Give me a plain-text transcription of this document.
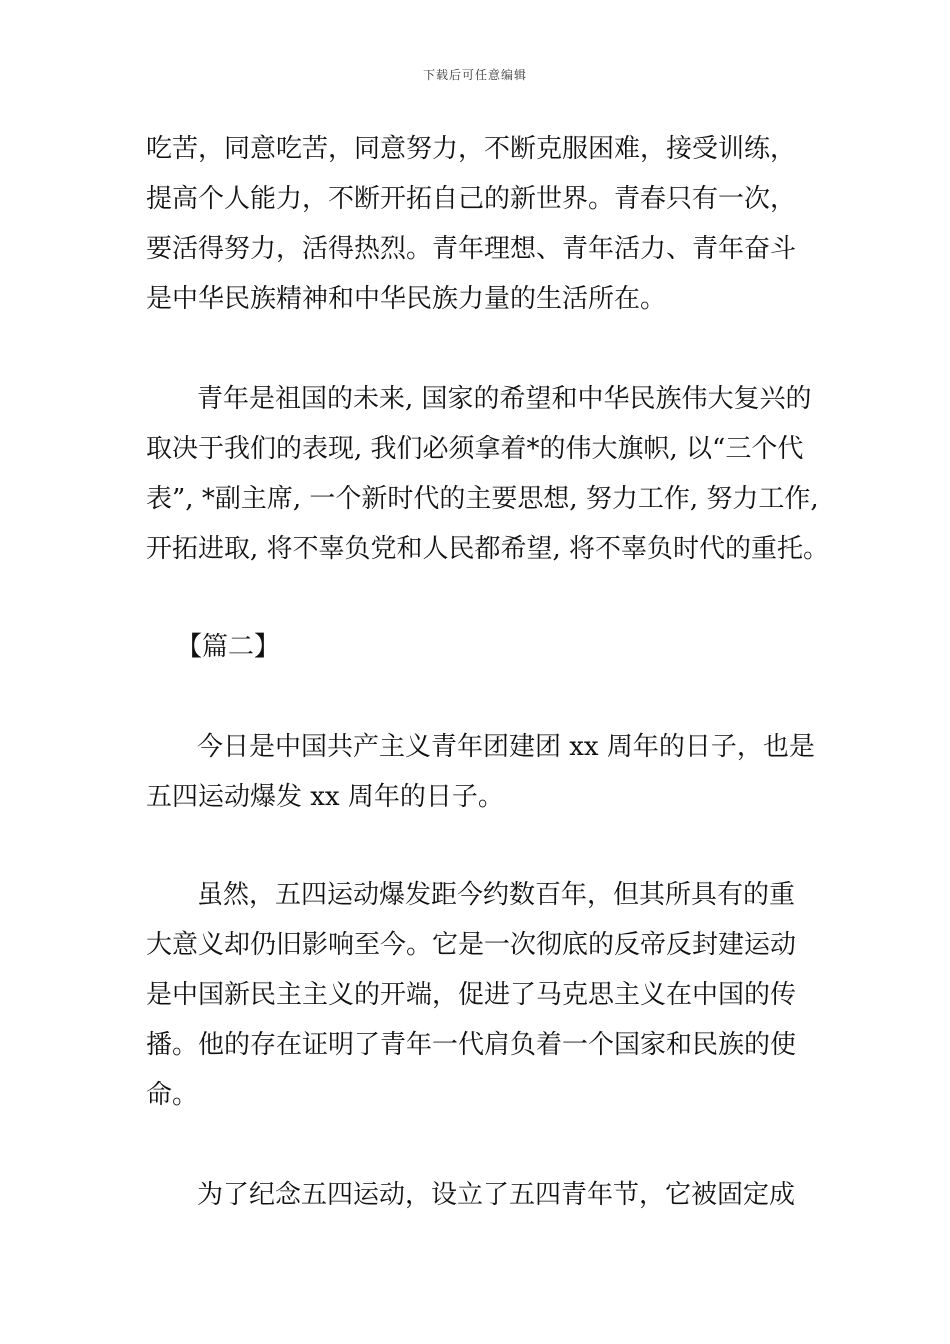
下载后可任意编辑
吃苦，同意吃苦，同意努力，不断克服困难，接受训练，
提高个人能力，不断开拓自己的新世界。青春只有一次，
要活得努力，活得热烈。青年理想、青年活力、青年奋斗
是中华民族精神和中华民族力量的生活所在。
青年是祖国的未来, 国家的希望和中华民族伟大复兴的
取决于我们的表现, 我们必须拿着*的伟大旗帜, 以“三个代
表”, *副主席, 一个新时代的主要思想, 努力工作, 努力工作,
开拓进取, 将不辜负党和人民都希望, 将不辜负时代的重托。
【篇二】
今日是中国共产主义青年团建团 xx 周年的日子，也是
五四运动爆发 xx 周年的日子。
虽然，五四运动爆发距今约数百年，但其所具有的重
大意义却仍旧影响至今。它是一次彻底的反帝反封建运动
是中国新民主主义的开端，促进了马克思主义在中国的传
播。他的存在证明了青年一代肩负着一个国家和民族的使
命。
为了纪念五四运动，设立了五四青年节，它被固定成
